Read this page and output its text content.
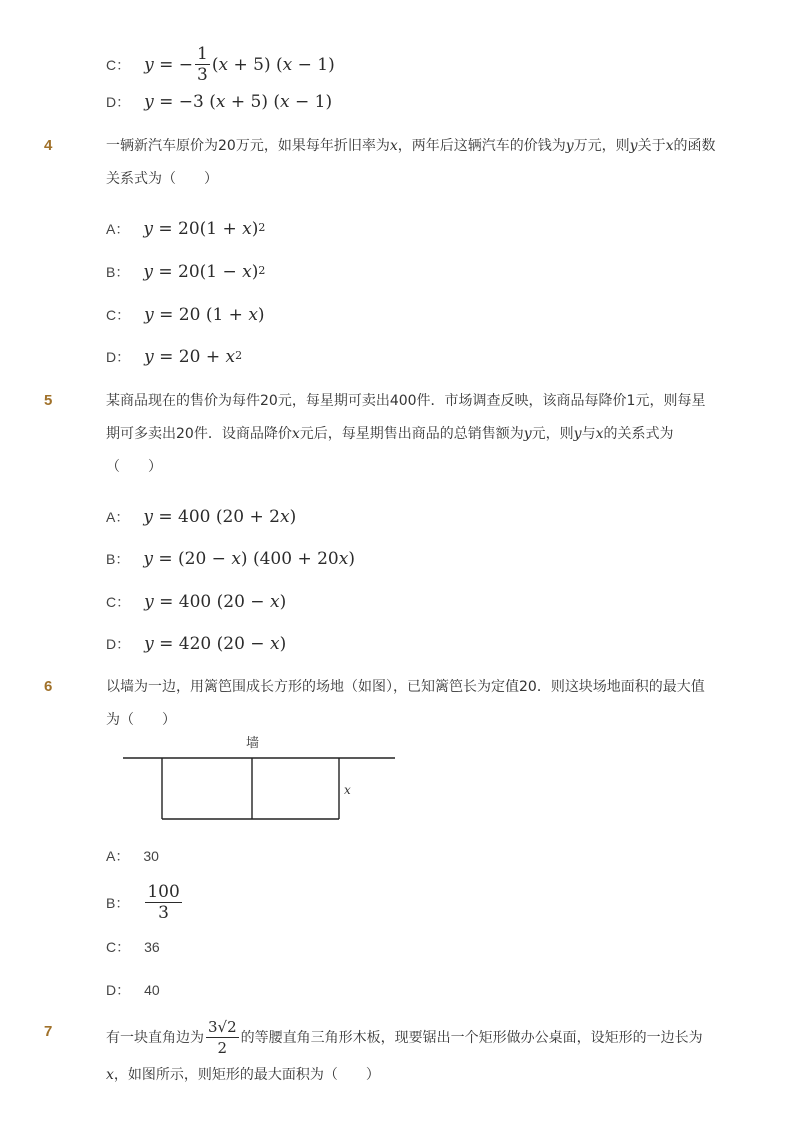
C： y = − $\frac{1}{3}$ ( x + 5) ( x − 1)
D： y = −3 ( x + 5) ( x − 1)
4	一辆新汽车原价为20万元，如果每年折旧率为x，两年后这辆汽车的价钱为y万元，则y关于x的函数关系式为（　　）
A： y = 20(1 + x )$^2$
B： y = 20(1 − x )$^2$
C： y = 20 (1 + x )
D： $y = 20 + x^2$
5	某商品现在的售价为每件20元，每星期可卖出400件．市场调查反映，该商品每降价1元，则每星期可多卖出20件．设商品降价x元后，每星期售出商品的总销售额为y元，则y与x的关系式为（　　）
A： y = 400 (20 + 2 x )
B： y = (20 − x ) (400 + 20 x )
C： y = 400 (20 − x )
D： y = 420 (20 − x )
6	以墙为一边，用篱笆围成长方形的场地（如图），已知篱笆长为定值20．则这块场地面积的最大值为（　　）
墙
x
A： 30
B： $\frac{100}{3}$
C： 36
D： 40
7	有一块直角边为 $\frac{3√2}{2}$ 的等腰直角三角形木板，现要锯出一个矩形做办公桌面，设矩形的一边长为
x，如图所示，则矩形的最大面积为（　　）
